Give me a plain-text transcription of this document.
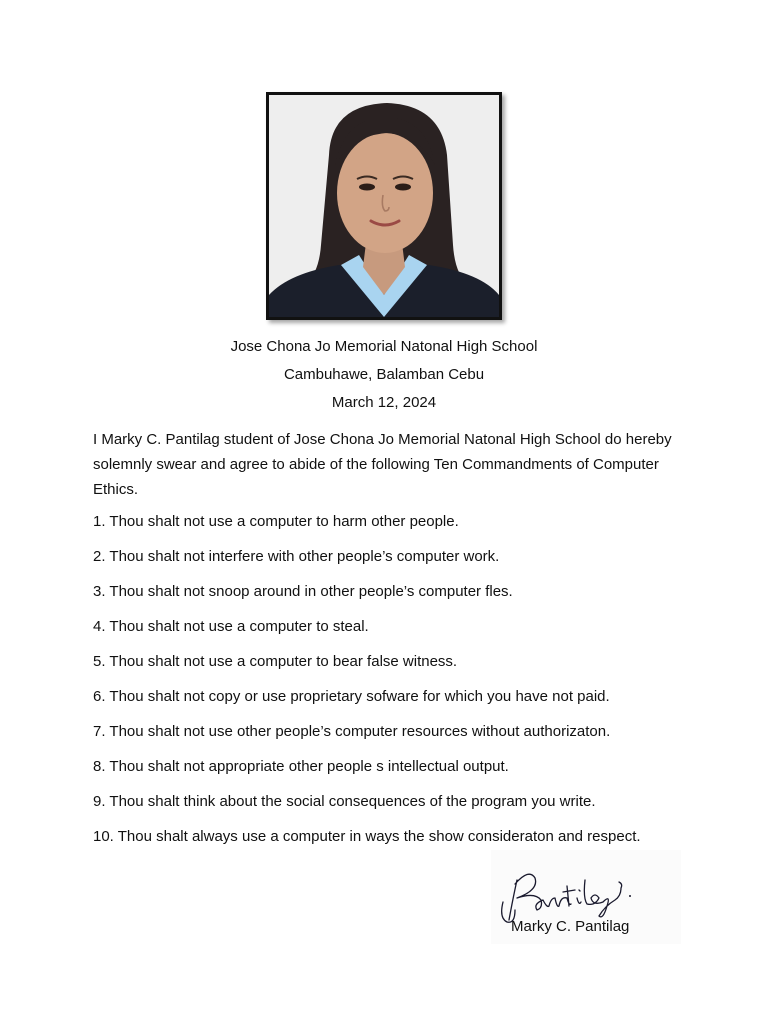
Jose Chona Jo Memorial Natonal High School
Cambuhawe, Balamban Cebu
March 12, 2024

I Marky C. Pantilag student of Jose Chona Jo Memorial Natonal High School do hereby solemnly swear and agree to abide of the following Ten Commandments of Computer Ethics.

1. Thou shalt not use a computer to harm other people.
2. Thou shalt not interfere with other people’s computer work.
3. Thou shalt not snoop around in other people’s computer fles.
4. Thou shalt not use a computer to steal.
5. Thou shalt not use a computer to bear false witness.
6. Thou shalt not copy or use proprietary sofware for which you have not paid.
7. Thou shalt not use other people’s computer resources without authorizaton.
8. Thou shalt not appropriate other people s intellectual output.
9. Thou shalt think about the social consequences of the program you write.
10. Thou shalt always use a computer in ways the show consideraton and respect.
Marky C. Pantilag
